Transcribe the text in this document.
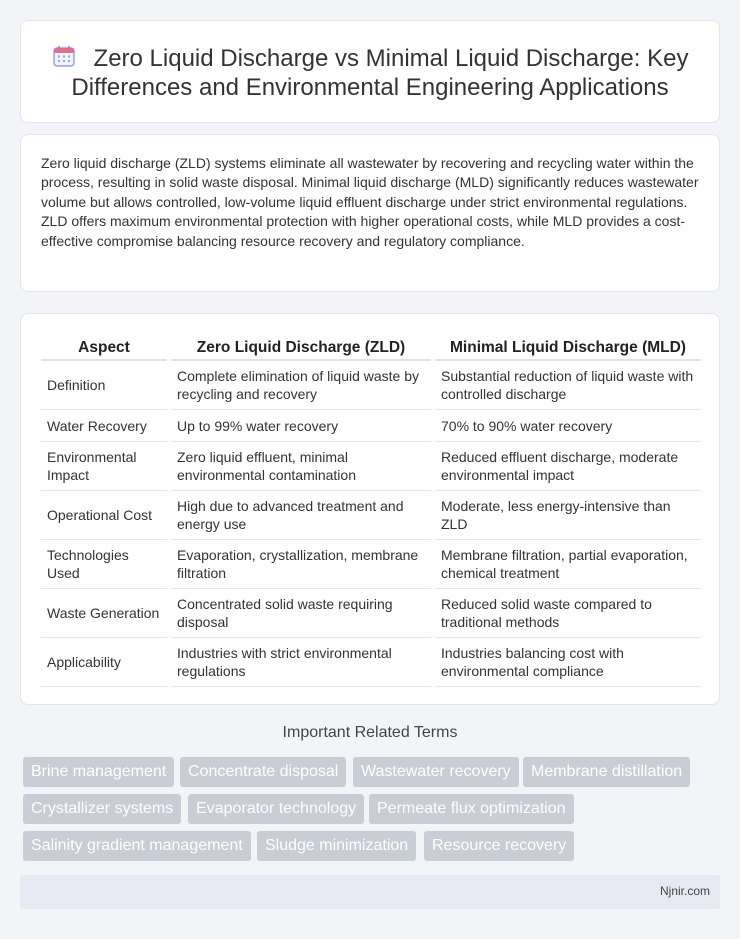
Zero Liquid Discharge vs Minimal Liquid Discharge: Key Differences and Environmental Engineering Applications

Zero liquid discharge (ZLD) systems eliminate all wastewater by recovering and recycling water within the process, resulting in solid waste disposal. Minimal liquid discharge (MLD) significantly reduces wastewater volume but allows controlled, low-volume liquid effluent discharge under strict environmental regulations. ZLD offers maximum environmental protection with higher operational costs, while MLD provides a cost-effective compromise balancing resource recovery and regulatory compliance.

Aspect	Zero Liquid Discharge (ZLD)	Minimal Liquid Discharge (MLD)
Definition	Complete elimination of liquid waste by recycling and recovery	Substantial reduction of liquid waste with controlled discharge
Water Recovery	Up to 99% water recovery	70% to 90% water recovery
Environmental Impact	Zero liquid effluent, minimal environmental contamination	Reduced effluent discharge, moderate environmental impact
Operational Cost	High due to advanced treatment and energy use	Moderate, less energy-intensive than ZLD
Technologies Used	Evaporation, crystallization, membrane filtration	Membrane filtration, partial evaporation, chemical treatment
Waste Generation	Concentrated solid waste requiring disposal	Reduced solid waste compared to traditional methods
Applicability	Industries with strict environmental regulations	Industries balancing cost with environmental compliance
Important Related Terms
Brine management	Concentrate disposal	Wastewater recovery	Membrane distillation
Crystallizer systems	Evaporator technology	Permeate flux optimization
Salinity gradient management	Sludge minimization	Resource recovery
Njnir.com
